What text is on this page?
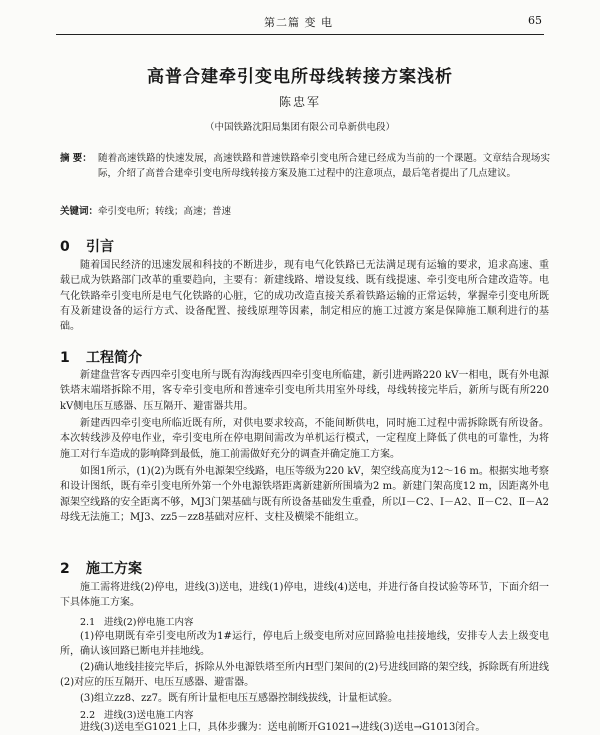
第二篇 变 电	65
高普合建牵引变电所母线转接方案浅析
陈忠军
（中国铁路沈阳局集团有限公司阜新供电段）
摘 要： 随着高速铁路的快速发展，高速铁路和普速铁路牵引变电所合建已经成为当前的一个课题。文章结合现场实际，介绍了高普合建牵引变电所母线转接方案及施工过程中的注意项点，最后笔者提出了几点建议。
关键词：牵引变电所；转线；高速；普速
0 引言

随着国民经济的迅速发展和科技的不断进步，现有电气化铁路已无法满足现有运输的要求，追求高速、重载已成为铁路部门改革的重要趋向，主要有：新建线路、增设复线、既有线提速、牵引变电所合建改造等。电气化铁路牵引变电所是电气化铁路的心脏，它的成功改造直接关系着铁路运输的正常运转，掌握牵引变电所既有及新建设备的运行方式、设备配置、接线原理等因素，制定相应的施工过渡方案是保障施工顺利进行的基础。

1 工程简介

新建盘营客专西四牵引变电所与既有沟海线西四牵引变电所临建，新引进两路220 kV一相电，既有外电源铁塔末端塔拆除不用，客专牵引变电所和普速牵引变电所共用室外母线，母线转接完毕后，新所与既有所220 kV侧电压互感器、压互隔开、避雷器共用。

新建西四牵引变电所临近既有所，对供电要求较高，不能间断供电，同时施工过程中需拆除既有所设备。本次转线涉及停电作业，牵引变电所在停电期间需改为单机运行模式，一定程度上降低了供电的可靠性，为将施工对行车造成的影响降到最低，施工前需做好充分的调查并确定施工方案。

如图1所示，(1)(2)为既有外电源架空线路，电压等级为220 kV，架空线高度为12～16 m。根据实地考察和设计图纸，既有牵引变电所外第一个外电源铁塔距离新建新所围墙为2 m。新建门架高度12 m，因距离外电源架空线路的安全距离不够，MJ3门架基础与既有所设备基础发生重叠，所以Ⅰ－C2、Ⅰ－A2、Ⅱ－C2、Ⅱ－A2母线无法施工；MJ3、zz5－zz8基础对应杆、支柱及横梁不能组立。

2 施工方案

施工需将进线(2)停电，进线(3)送电，进线(1)停电，进线(4)送电，并进行备自投试验等环节，下面介绍一下具体施工方案。

2.1 进线(2)停电施工内容

(1)停电期既有牵引变电所改为1#运行，停电后上级变电所对应回路验电挂接地线，安排专人去上级变电所，确认该回路已断电并挂地线。

(2)确认地线挂接完毕后，拆除从外电源铁塔至所内H型门架间的(2)号进线回路的架空线，拆除既有所进线(2)对应的压互隔开、电压互感器、避雷器。

(3)组立zz8、zz7。既有所计量柜电压互感器控制线拔线，计量柜试验。

2.2 进线(3)送电施工内容

进线(3)送电至G1021上口，具体步骤为：送电前断开G1021→进线(3)送电→G1013闭合。
